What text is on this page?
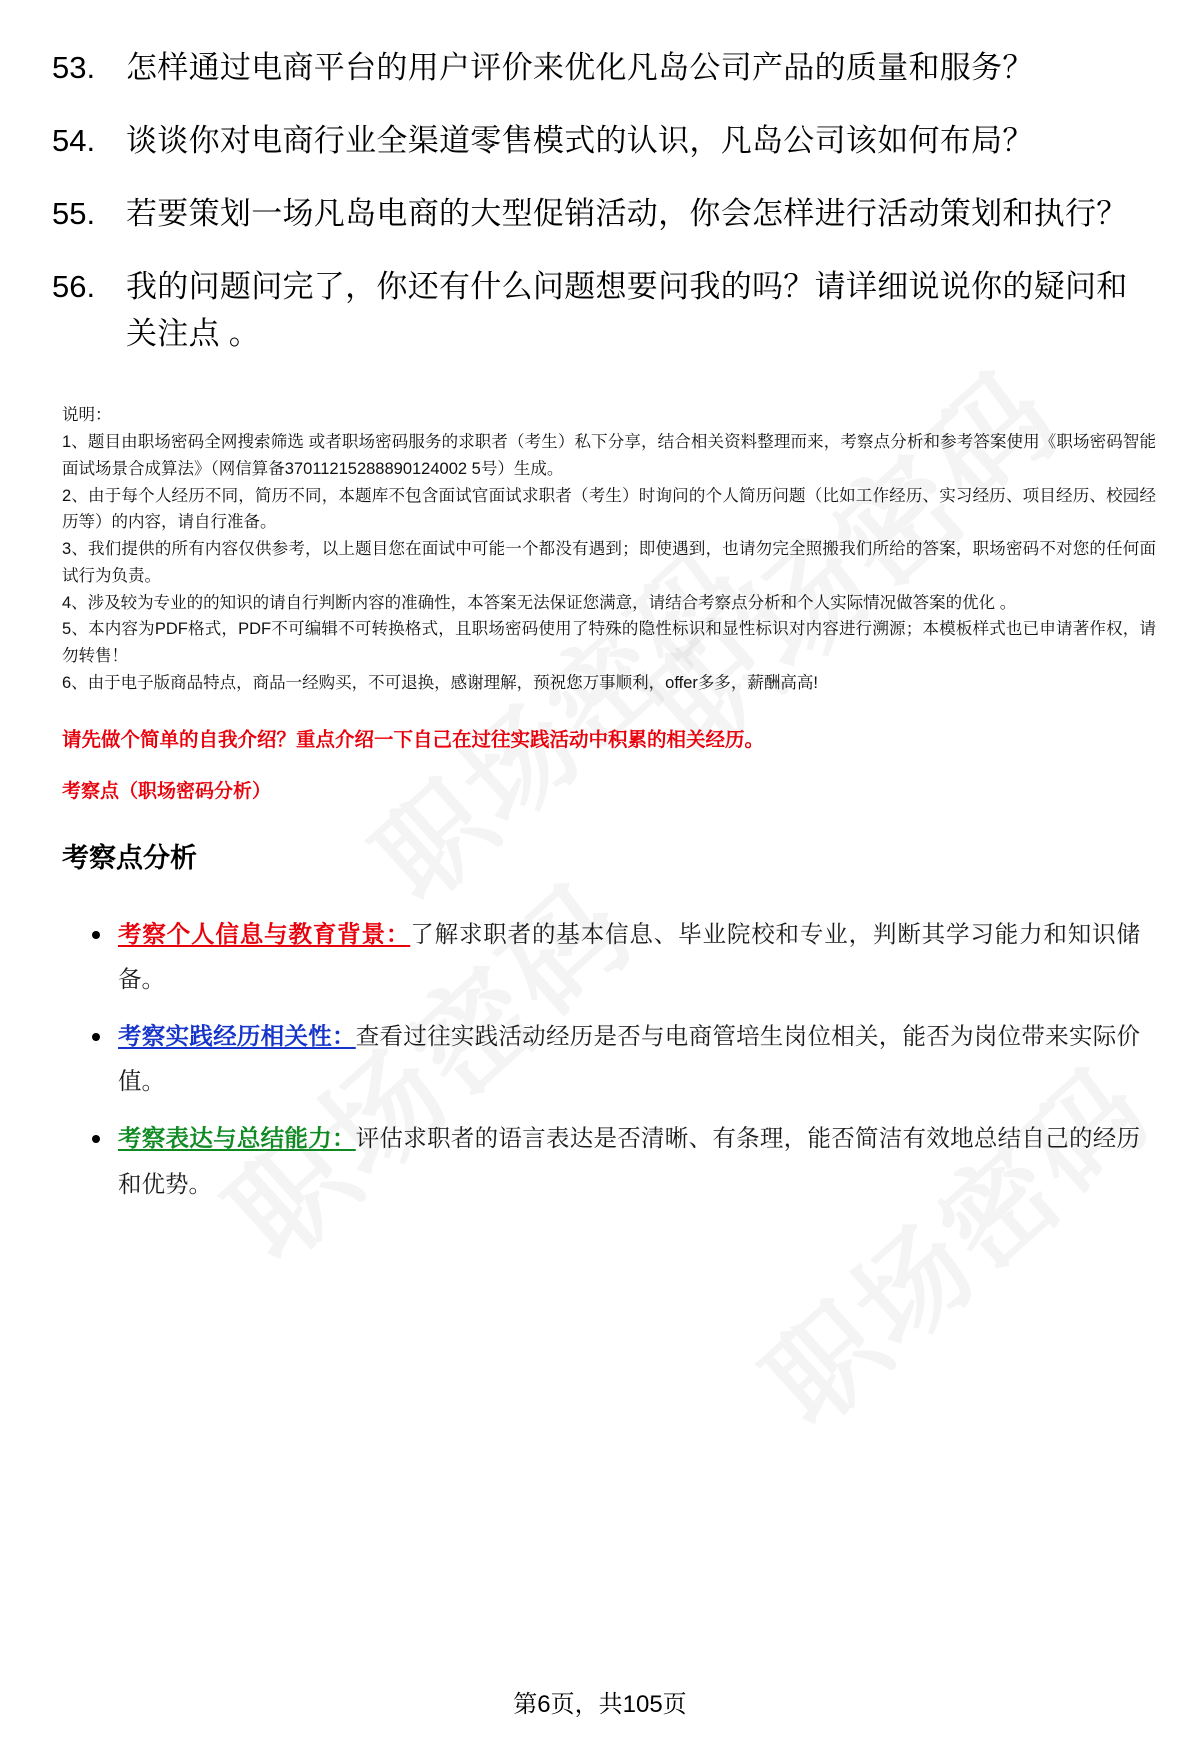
53. 怎样通过电商平台的用户评价来优化凡岛公司产品的质量和服务？
54. 谈谈你对电商行业全渠道零售模式的认识，凡岛公司该如何布局？
55. 若要策划一场凡岛电商的大型促销活动，你会怎样进行活动策划和执行？
56. 我的问题问完了，你还有什么问题想要问我的吗？请详细说说你的疑问和关注点 。

说明：

1、题目由职场密码全网搜索筛选 或者职场密码服务的求职者（考生）私下分享，结合相关资料整理而来，考察点分析和参考答案使用《职场密码智能面试场景合成算法》（网信算备37011215288890124002 5号）生成。

2、由于每个人经历不同，简历不同，本题库不包含面试官面试求职者（考生）时询问的个人简历问题（比如工作经历、实习经历、项目经历、校园经历等）的内容，请自行准备。

3、我们提供的所有内容仅供参考，以上题目您在面试中可能一个都没有遇到；即使遇到，也请勿完全照搬我们所给的答案，职场密码不对您的任何面试行为负责。

4、涉及较为专业的的知识的请自行判断内容的准确性，本答案无法保证您满意，请结合考察点分析和个人实际情况做答案的优化 。

5、本内容为PDF格式，PDF不可编辑不可转换格式，且职场密码使用了特殊的隐性标识和显性标识对内容进行溯源；本模板样式也已申请著作权，请勿转售！

6、由于电子版商品特点，商品一经购买，不可退换，感谢理解，预祝您万事顺利，offer多多，薪酬高高!

请先做个简单的自我介绍？重点介绍一下自己在过往实践活动中积累的相关经历。
考察点（职场密码分析）
考察点分析
考察个人信息与教育背景：了解求职者的基本信息、毕业院校和专业，判断其学习能力和知识储备。
考察实践经历相关性：查看过往实践活动经历是否与电商管培生岗位相关，能否为岗位带来实际价值。
考察表达与总结能力：评估求职者的语言表达是否清晰、有条理，能否简洁有效地总结自己的经历和优势。
第6页，共105页
